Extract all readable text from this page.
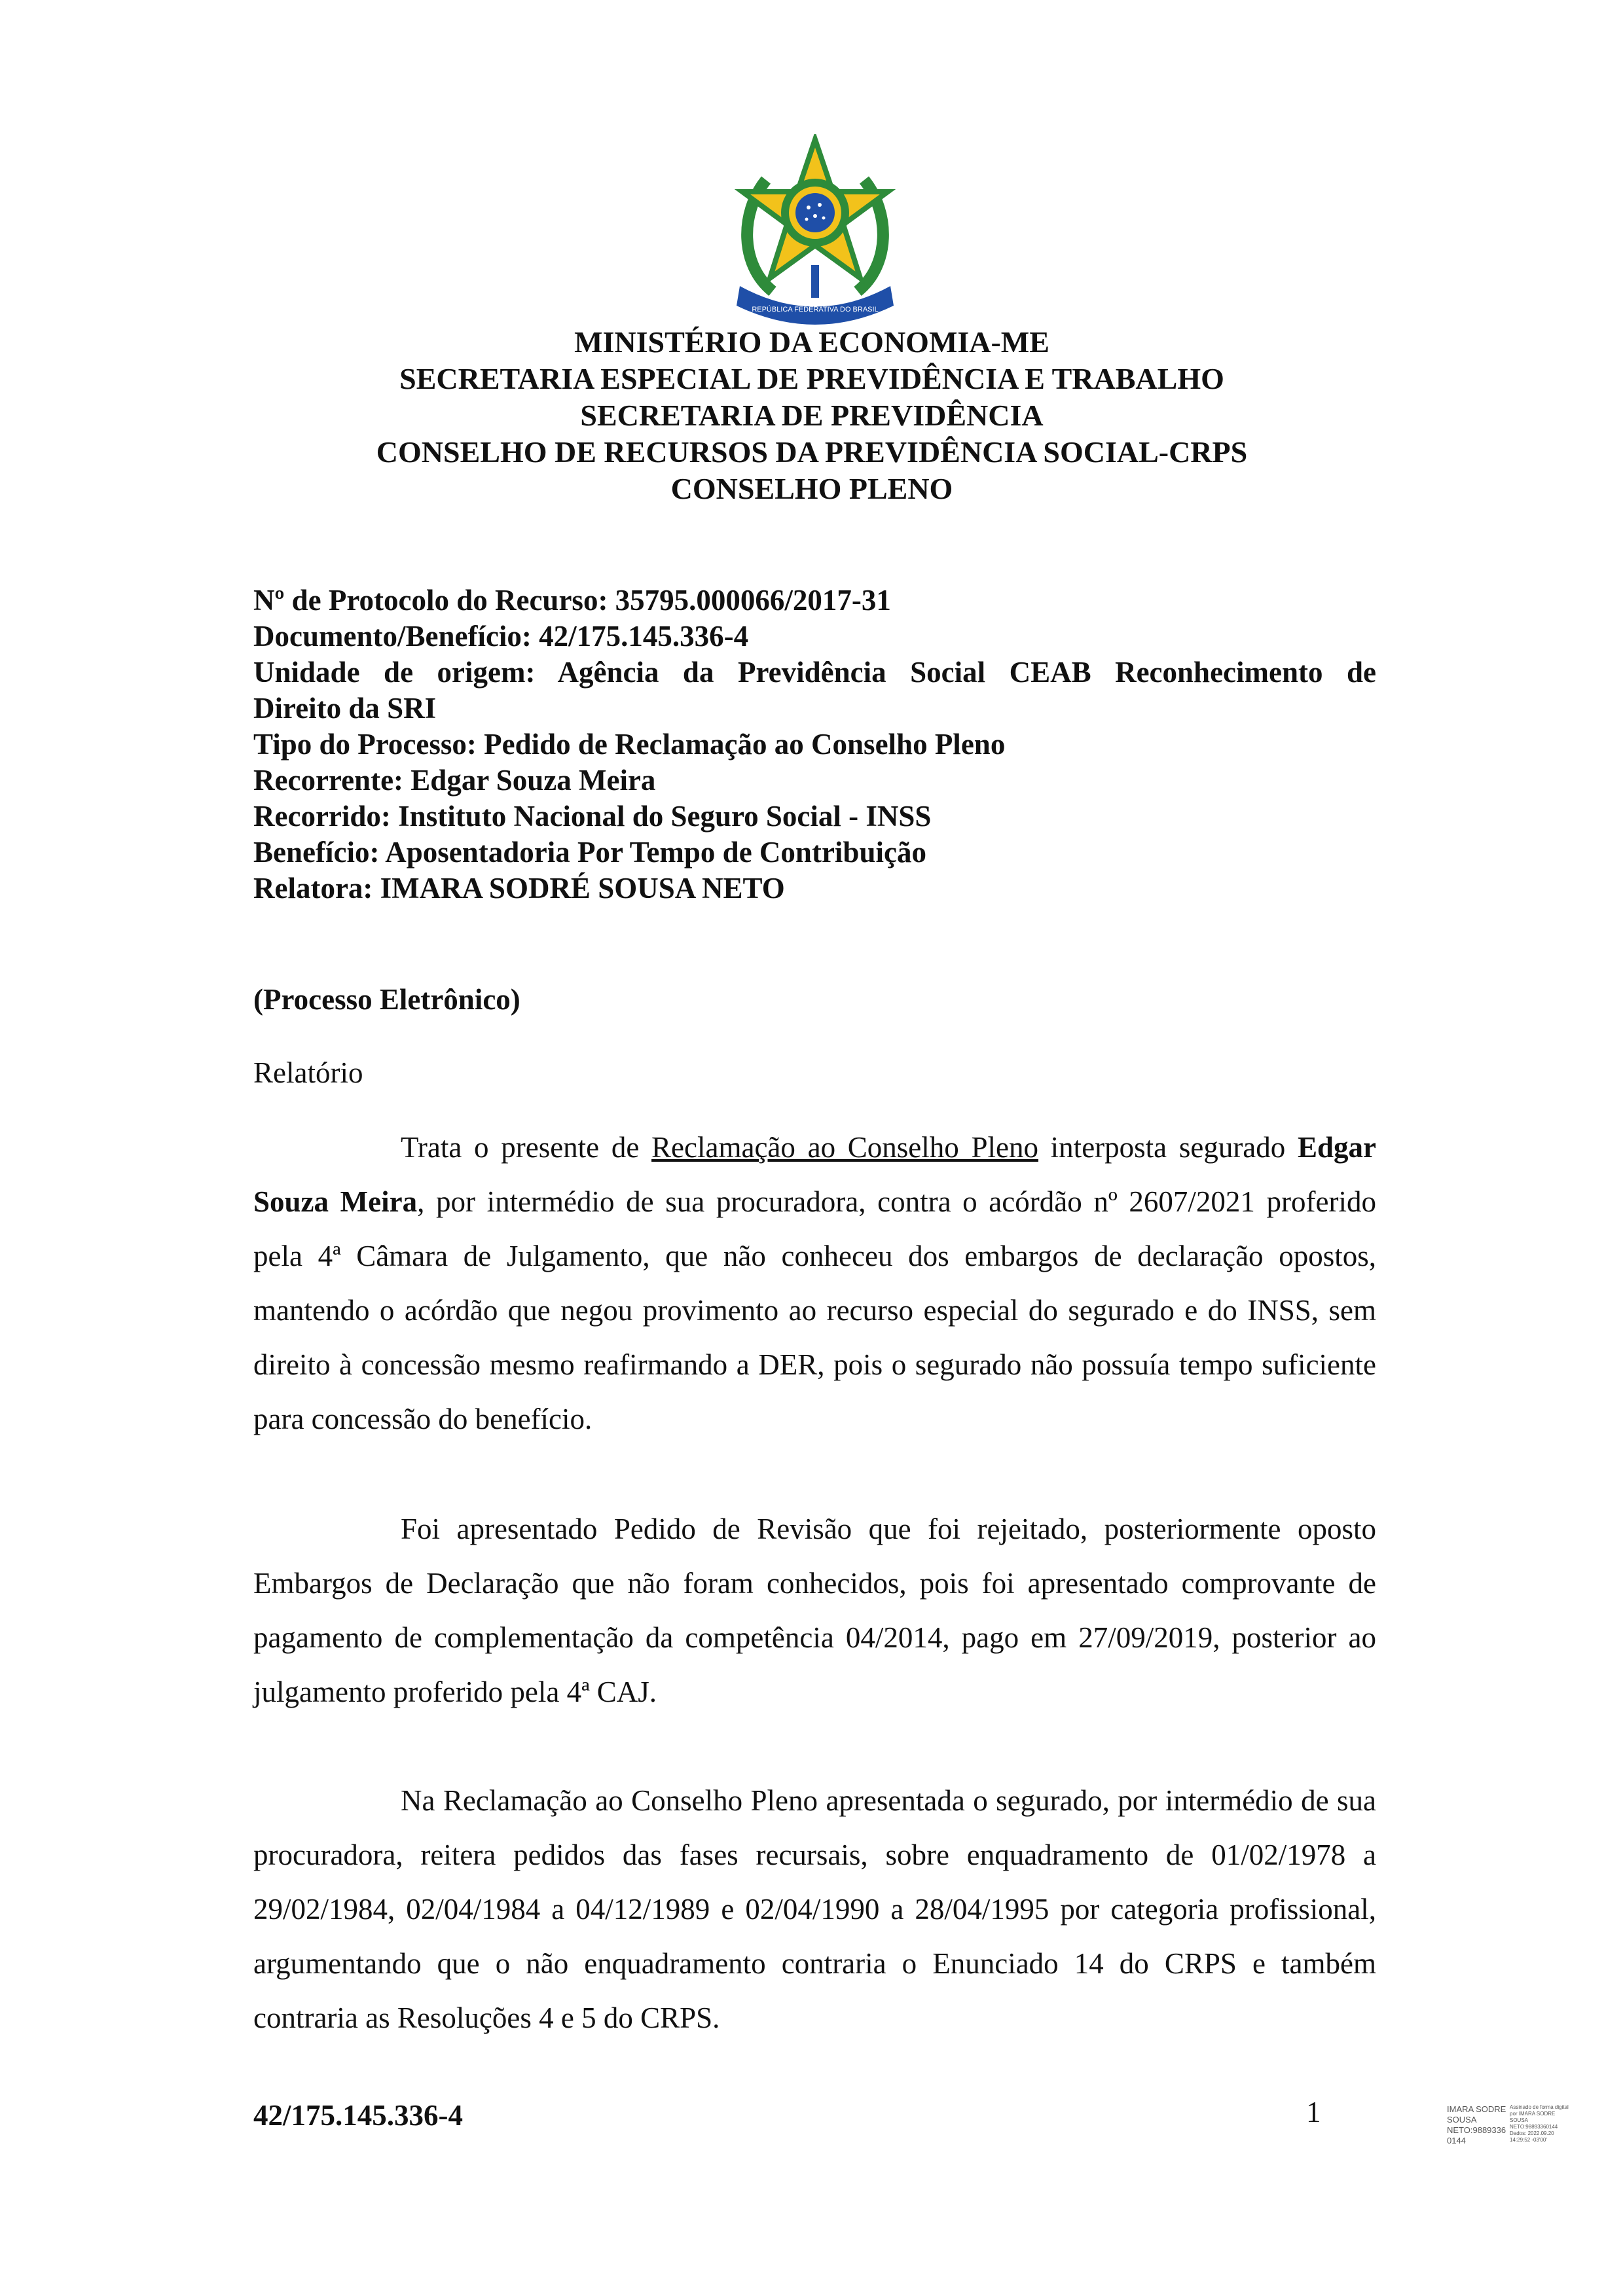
REPÚBLICA FEDERATIVA DO BRASIL
MINISTÉRIO DA ECONOMIA-ME
SECRETARIA ESPECIAL DE PREVIDÊNCIA E TRABALHO
SECRETARIA DE PREVIDÊNCIA
CONSELHO DE RECURSOS DA PREVIDÊNCIA SOCIAL-CRPS
CONSELHO PLENO
Nº de Protocolo do Recurso: 35795.000066/2017-31
Documento/Benefício: 42/175.145.336-4
Unidade de origem: Agência da Previdência Social CEAB Reconhecimento de
Direito da SRI
Tipo do Processo: Pedido de Reclamação ao Conselho Pleno
Recorrente: Edgar Souza Meira
Recorrido: Instituto Nacional do Seguro Social - INSS
Benefício: Aposentadoria Por Tempo de Contribuição
Relatora: IMARA SODRÉ SOUSA NETO
(Processo Eletrônico)
Relatório

Trata o presente de Reclamação ao Conselho Pleno interposta segurado Edgar Souza Meira, por intermédio de sua procuradora, contra o acórdão nº 2607/2021 proferido pela 4ª Câmara de Julgamento, que não conheceu dos embargos de declaração opostos, mantendo o acórdão que negou provimento ao recurso especial do segurado e do INSS, sem direito à concessão mesmo reafirmando a DER, pois o segurado não possuía tempo suficiente para concessão do benefício.

Foi apresentado Pedido de Revisão que foi rejeitado, posteriormente oposto Embargos de Declaração que não foram conhecidos, pois foi apresentado comprovante de pagamento de complementação da competência 04/2014, pago em 27/09/2019, posterior ao julgamento proferido pela 4ª CAJ.

Na Reclamação ao Conselho Pleno apresentada o segurado, por intermédio de sua procuradora, reitera pedidos das fases recursais, sobre enquadramento de 01/02/1978 a 29/02/1984, 02/04/1984 a 04/12/1989 e 02/04/1990 a 28/04/1995 por categoria profissional, argumentando que o não enquadramento contraria o Enunciado 14 do CRPS e também contraria as Resoluções 4 e 5 do CRPS.

42/175.145.336-4	1	IMARA SODRE SOUSA NETO:9889336 0144
Assinado de forma digital por IMARA SODRE SOUSA NETO:98893360144 Dados: 2022.09.20 14:29:52 -03'00'
